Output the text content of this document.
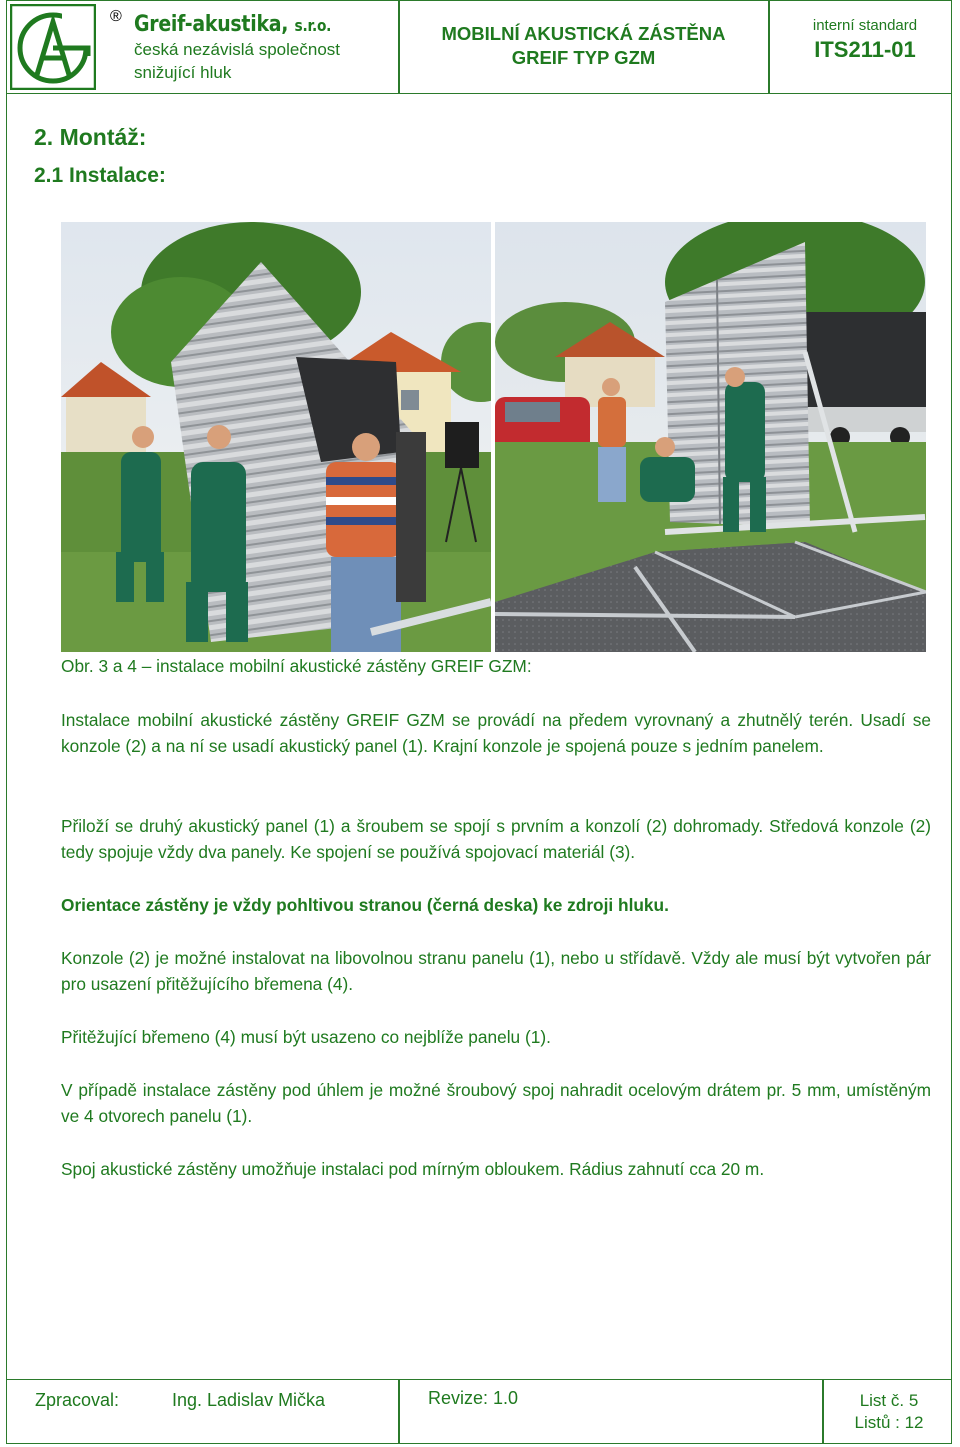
® Greif-akustika, s.r.o.
česká nezávislá společnost
snižující hluk
MOBILNÍ AKUSTICKÁ ZÁSTĚNA
GREIF TYP GZM
interní standard
ITS211-01
2. Montáž:
2.1 Instalace:
Obr. 3 a 4 – instalace mobilní akustické zástěny GREIF GZM:
Instalace mobilní akustické zástěny GREIF GZM se provádí na předem vyrovnaný a zhutnělý terén. Usadí se konzole (2) a na ní se usadí akustický panel (1). Krajní konzole je spojená pouze s jedním panelem.
Přiloží se druhý akustický panel (1) a šroubem se spojí s prvním a konzolí (2) dohromady. Středová konzole (2) tedy spojuje vždy dva panely. Ke spojení se používá spojovací materiál (3).
Orientace zástěny je vždy pohltivou stranou (černá deska) ke zdroji hluku.
Konzole (2) je možné instalovat na libovolnou stranu panelu (1), nebo u střídavě. Vždy ale musí být vytvořen pár pro usazení přitěžujícího břemena (4).
Přitěžující břemeno (4) musí být usazeno co nejblíže panelu (1).
V případě instalace zástěny pod úhlem je možné šroubový spoj nahradit ocelovým drátem pr. 5 mm, umístěným ve 4 otvorech panelu (1).
Spoj akustické zástěny umožňuje instalaci pod mírným obloukem. Rádius zahnutí cca 20 m.
Zpracoval:	Ing. Ladislav Mička	Revize: 1.0	List č. 5
Listů : 12
